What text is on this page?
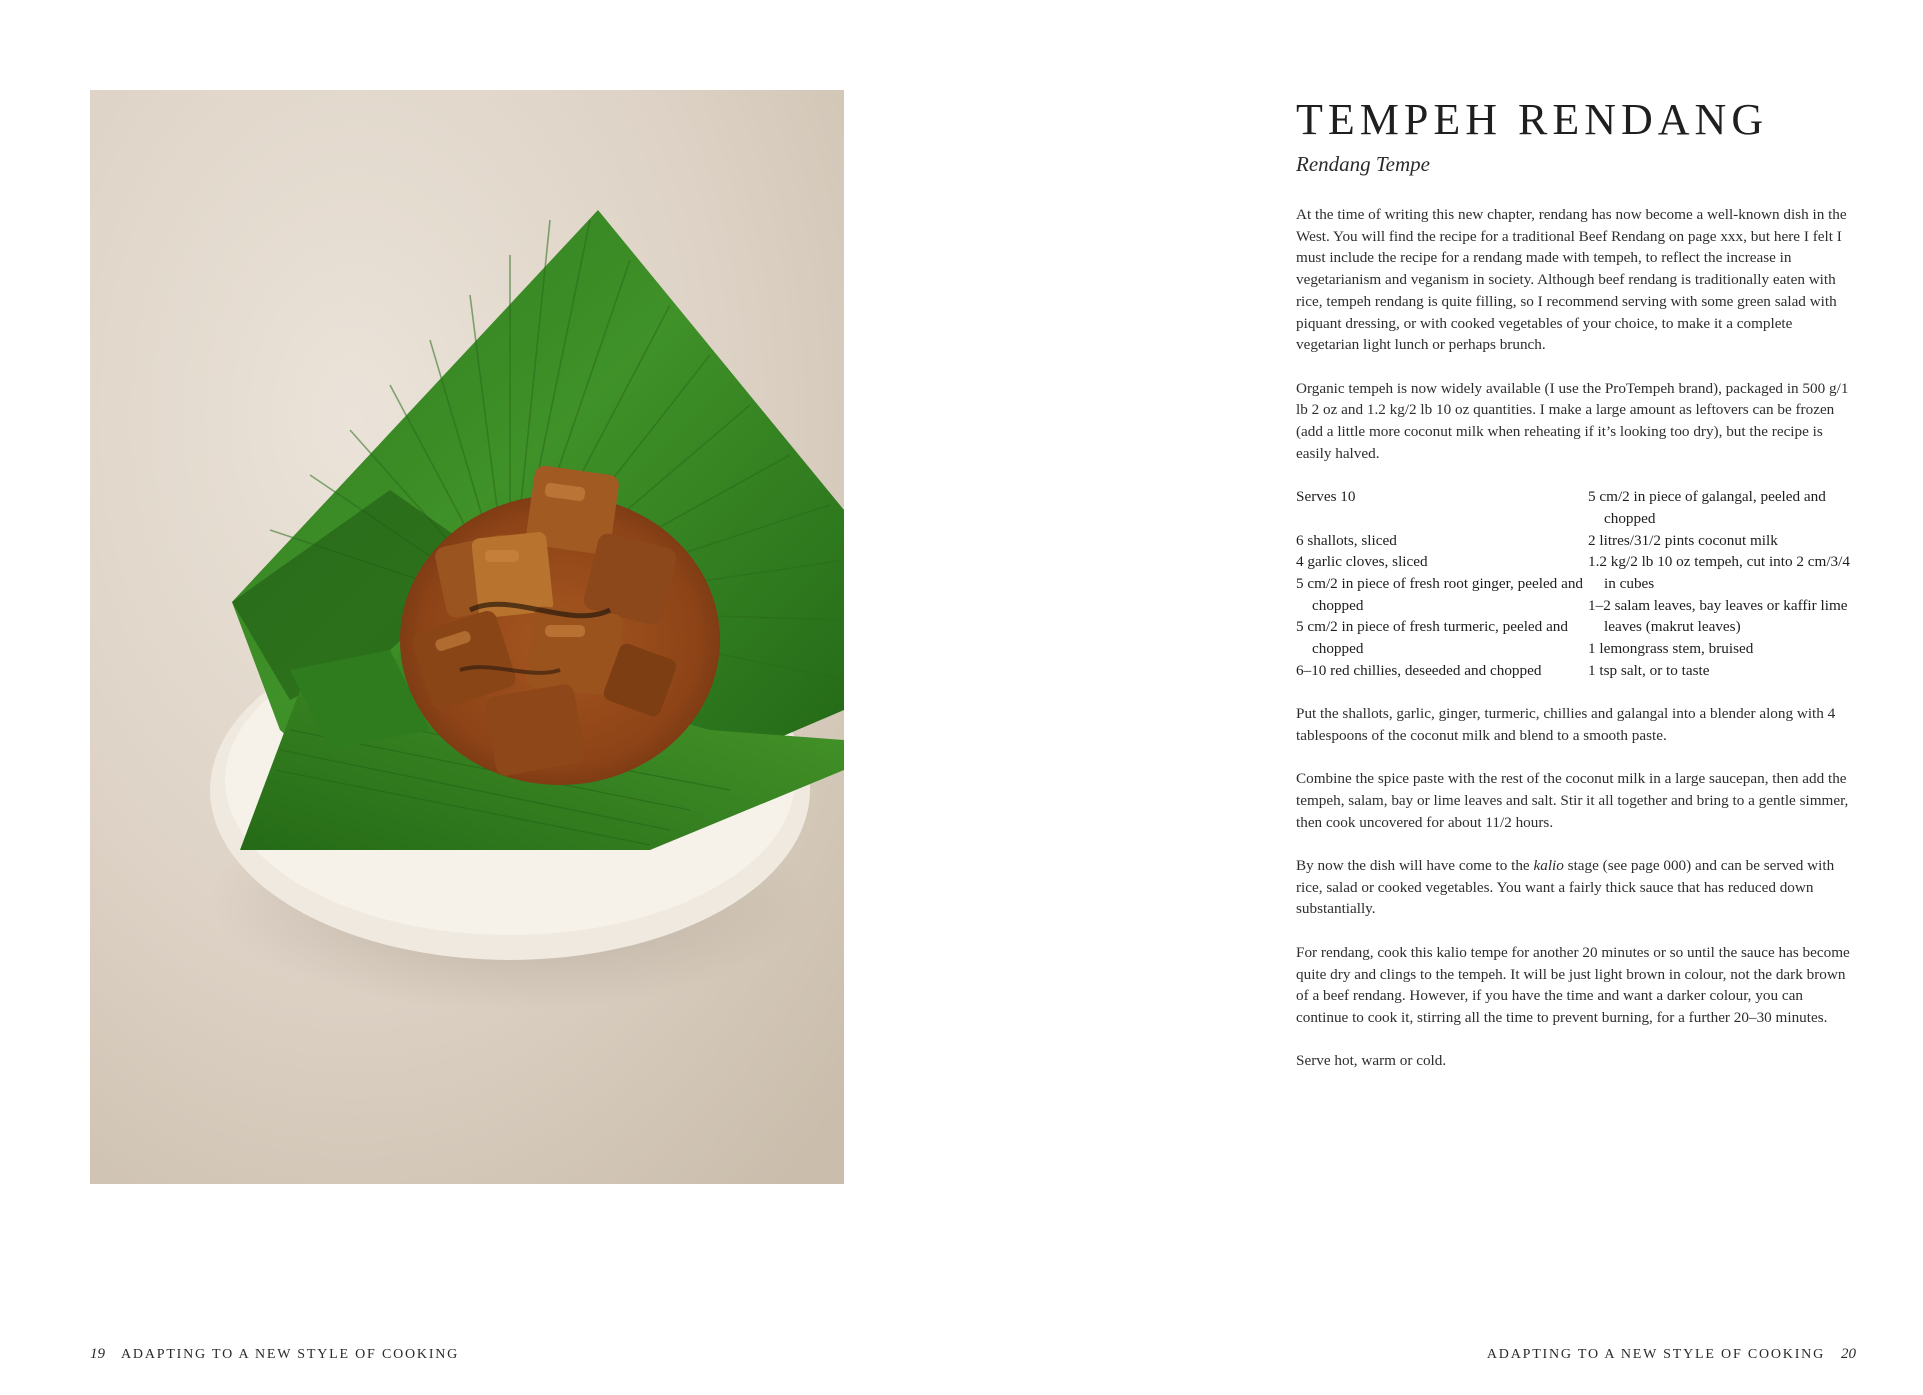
TEMPEH RENDANG

Rendang Tempe

At the time of writing this new chapter, rendang has now become a well-known dish in the West. You will find the recipe for a traditional Beef Rendang on page xxx, but here I felt I must include the recipe for a rendang made with tempeh, to reflect the increase in vegetarianism and veganism in society. Although beef rendang is traditionally eaten with rice, tempeh rendang is quite filling, so I recommend serving with some green salad with piquant dressing, or with cooked vegetables of your choice, to make it a complete vegetarian light lunch or perhaps brunch.

Organic tempeh is now widely available (I use the ProTempeh brand), packaged in 500 g/1 lb 2 oz and 1.2 kg/2 lb 10 oz quantities. I make a large amount as leftovers can be frozen (add a little more coconut milk when reheating if it’s looking too dry), but the recipe is easily halved.

Serves 10
6 shallots, sliced
4 garlic cloves, sliced
5 cm/2 in piece of fresh root ginger, peeled and chopped
5 cm/2 in piece of fresh turmeric, peeled and chopped
6–10 red chillies, deseeded and chopped
5 cm/2 in piece of galangal, peeled and chopped
2 litres/31/2 pints coconut milk
1.2 kg/2 lb 10 oz tempeh, cut into 2 cm/3/4 in cubes
1–2 salam leaves, bay leaves or kaffir lime leaves (makrut leaves)
1 lemongrass stem, bruised
1 tsp salt, or to taste

Put the shallots, garlic, ginger, turmeric, chillies and galangal into a blender along with 4 tablespoons of the coconut milk and blend to a smooth paste.

Combine the spice paste with the rest of the coconut milk in a large saucepan, then add the tempeh, salam, bay or lime leaves and salt. Stir it all together and bring to a gentle simmer, then cook uncovered for about 11/2 hours.

By now the dish will have come to the kalio stage (see page 000) and can be served with rice, salad or cooked vegetables. You want a fairly thick sauce that has reduced down substantially.

For rendang, cook this kalio tempe for another 20 minutes or so until the sauce has become quite dry and clings to the tempeh. It will be just light brown in colour, not the dark brown of a beef rendang. However, if you have the time and want a darker colour, you can continue to cook it, stirring all the time to prevent burning, for a further 20–30 minutes.

Serve hot, warm or cold.

19 ADAPTING TO A NEW STYLE OF COOKING	ADAPTING TO A NEW STYLE OF COOKING 20
